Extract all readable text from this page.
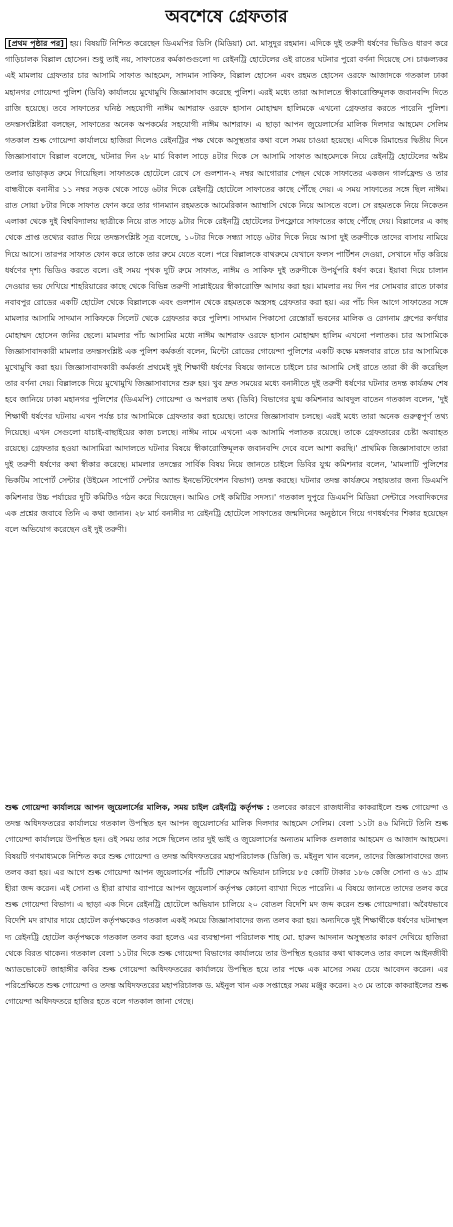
অবশেষে গ্রেফতার

[প্রথম পৃষ্ঠার পর] হয়। বিষয়টি নিশ্চিত করেছেন ডিএমপির ডিসি (মিডিয়া) মো. মাসুদুর রহমান। এদিকে দুই তরুণী ধর্ষণের ভিডিও ধারণ করে গাড়িচালক বিল্লাল হোসেন। শুধু তাই নয়, সাফাতের কর্মকাণ্ডগুলো দ্য রেইনট্রি হোটেলের ওই রাতের ঘটনার পুরো বর্ণনা দিয়েছে সে। চাঞ্চল্যকর এই মামলায় গ্রেফতার চার আসামি সাফাত আহমেদ, সাদমান সাকিফ, বিল্লাল হোসেন এবং রহমত হোসেন ওরফে আজাদকে গতকাল ঢাকা মহানগর গোয়েন্দা পুলিশ (ডিবি) কার্যালয়ে মুখোমুখি জিজ্ঞাসাবাদ করেছে পুলিশ। এরই মধ্যে তারা আদালতে স্বীকারোক্তিমূলক জবানবন্দি দিতে রাজি হয়েছে। তবে সাফাতের ঘনিষ্ঠ সহযোগী নাঈম আশরাফ ওরফে হাসান মোহাম্মদ হালিমকে এখনো গ্রেফতার করতে পারেনি পুলিশ। তদন্তসংশ্লিষ্টরা বলছেন, সাফাতের অনেক অপকর্মের সহযোগী নাঈম আশরাফ। এ ছাড়া আপন জুয়েলার্সের মালিক দিলদার আহমেদ সেলিম গতকাল শুল্ক গোয়েন্দা কার্যালয়ে হাজিরা দিলেও রেইনট্রির পক্ষ থেকে অসুস্থতার কথা বলে সময় চাওয়া হয়েছে। এদিকে রিমান্ডের দ্বিতীয় দিনে জিজ্ঞাসাবাদে বিল্লাল বলেছে, ঘটনার দিন ২৮ মার্চ বিকাল সাড়ে ৪টার দিকে সে আসামি সাফাত আহমেদকে নিয়ে রেইনট্রি হোটেলের অষ্টম তলার ভাড়াকৃত রুমে গিয়েছিল। সাফাতকে হোটেলে রেখে সে গুলশান-২ নম্বর আগোরার পেছন থেকে সাফাতের একজন গার্লফ্রেন্ড ও তার বান্ধবীকে বনানীর ১১ নম্বর সড়ক থেকে সাড়ে ৬টার দিকে রেইনট্রি হোটেলে সাফাতের কাছে পৌঁছে দেয়। এ সময় সাফাতের সঙ্গে ছিল নাঈম। রাত সোয়া ৮টার দিকে সাফাত ফোন করে তার গানম্যান রহমতকে আমেরিকান অ্যাম্বাসি থেকে নিয়ে আসতে বলে। সে রহমতকে নিয়ে নিকেতন এলাকা থেকে দুই বিশ্ববিদ্যালয় ছাত্রীকে নিয়ে রাত সাড়ে ৯টার দিকে রেইনট্রি হোটেলের টপফ্লোরে সাফাতের কাছে পৌঁছে দেয়। বিল্লালের এ কাছ থেকে প্রাপ্ত তথ্যের বরাত দিয়ে তদন্তসংশ্লিষ্ট সূত্র বলেছে, ১০টার দিকে সন্ধ্যা সাড়ে ৬টার দিকে নিয়ে আসা দুই তরুণীকে তাদের বাসায় নামিয়ে দিয়ে আসে। তারপর সাফাত ফোন করে তাকে তার রুমে যেতে বলে। পরে বিল্লালকে বাথরুমে যেখানে ফলস পার্টিশন দেওয়া, সেখানে দাঁড় করিয়ে ধর্ষণের দৃশ্য ভিডিও করতে বলে। ওই সময় পৃথক দুটি রুমে সাফাত, নাঈম ও সাকিফ দুই তরুণীকে উপর্যুপরি ধর্ষণ করে। ইয়াবা দিয়ে চালান দেওয়ার ভয় দেখিয়ে শাহরিয়ারের কাছে থেকে বিভিন্ন তরুণী সাপ্লাইয়ের স্বীকারোক্তি আদায় করা হয়। মামলার নয় দিন পর সোমবার রাতে ঢাকার নবাবপুর রোডের একটি হোটেল থেকে বিল্লালকে এবং গুলশান থেকে রহমতকে অস্ত্রসহ গ্রেফতার করা হয়। এর পাঁচ দিন আগে সাফাতের সঙ্গে মামলার আসামি সাদমান সাকিফকে সিলেট থেকে গ্রেফতার করে পুলিশ। সাদমান পিকাসো রেস্তোরাঁ ভবনের মালিক ও রেগনাম গ্রুপের কর্ণধার মোহাম্মদ হোসেন জনির ছেলে। মামলার পাঁচ আসামির মধ্যে নাঈম আশরাফ ওরফে হাসান মোহাম্মদ হালিম এখনো পলাতক। চার আসামিকে জিজ্ঞাসাবাদকারী মামলার তদন্তসংশ্লিষ্ট এক পুলিশ কর্মকর্তা বলেন, মিন্টো রোডের গোয়েন্দা পুলিশের একটি কক্ষে মঙ্গলবার রাতে চার আসামিকে মুখোমুখি করা হয়। জিজ্ঞাসাবাদকারী কর্মকর্তা প্রথমেই দুই শিক্ষার্থী ধর্ষণের বিষয়ে জানতে চাইলে চার আসামি সেই রাতে তারা কী কী করেছিল তার বর্ণনা দেয়। বিল্লালকে দিয়ে মুখোমুখি জিজ্ঞাসাবাদের শুরু হয়। খুব দ্রুত সময়ের মধ্যে বনানীতে দুই তরুণী ধর্ষণের ঘটনার তদন্ত কার্যক্রম শেষ হবে জানিয়ে ঢাকা মহানগর পুলিশের (ডিএমপি) গোয়েন্দা ও অপরাধ তথ্য (ডিবি) বিভাগের যুগ্ম কমিশনার আবদুল বাতেন গতকাল বলেন, 'দুই শিক্ষার্থী ধর্ষণের ঘটনায় এখন পর্যন্ত চার আসামিকে গ্রেফতার করা হয়েছে। তাদের জিজ্ঞাসাবাদ চলছে। এরই মধ্যে তারা অনেক গুরুত্বপূর্ণ তথ্য দিয়েছে। এখন সেগুলো যাচাই-বাছাইয়ের কাজ চলছে। নাঈম নামে এখনো এক আসামি পলাতক রয়েছে। তাকে গ্রেফতারের চেষ্টা অব্যাহত রয়েছে। গ্রেফতার হওয়া আসামিরা আদালতে ঘটনার বিষয়ে স্বীকারোক্তিমূলক জবানবন্দি দেবে বলে আশা করছি।' প্রাথমিক জিজ্ঞাসাবাদে তারা দুই তরুণী ধর্ষণের কথা স্বীকার করেছে। মামলার তদন্তের সার্বিক বিষয় নিয়ে জানতে চাইলে ডিবির যুগ্ম কমিশনার বলেন, 'মামলাটি পুলিশের ভিকটিম সাপোর্ট সেন্টার (উইমেন সাপোর্ট সেন্টার অ্যান্ড ইনভেস্টিগেশন বিভাগ) তদন্ত করছে। ঘটনার তদন্ত কার্যক্রমে সহায়তার জন্য ডিএমপি কমিশনার উচ্চ পর্যায়ের দুটি কমিটিও গঠন করে দিয়েছেন। আমিও সেই কমিটির সদস্য।' গতকাল দুপুরে ডিএমপি মিডিয়া সেন্টারে সংবাদিকদের এক প্রশ্নের জবাবে তিনি এ কথা জানান। ২৮ মার্চ বনানীর দ্য রেইনট্রি হোটেলে সাফাতের জন্মদিনের অনুষ্ঠানে গিয়ে গণধর্ষণের শিকার হয়েছেন বলে অভিযোগ করেছেন ওই দুই তরুণী।

শুল্ক গোয়েন্দা কার্যালয়ে আপন জুয়েলার্সের মালিক, সময় চাইল রেইনট্রি কর্তৃপক্ষ : তলবের কারণে রাজধানীর কাকরাইলে শুল্ক গোয়েন্দা ও তদন্ত অধিদফতরের কার্যালয়ে গতকাল উপস্থিত হন আপন জুয়েলার্সের মালিক দিলদার আহমেদ সেলিম। বেলা ১১টা ৪৬ মিনিটে তিনি শুল্ক গোয়েন্দা কার্যালয়ে উপস্থিত হন। ওই সময় তার সঙ্গে ছিলেন তার দুই ভাই ও জুয়েলার্সের অন্যতম মালিক গুলজার আহমেদ ও আজাদ আহমেদ। বিষয়টি গণমাধ্যমকে নিশ্চিত করে শুল্ক গোয়েন্দা ও তদন্ত অধিদফতরের মহাপরিচালক (ডিজি) ড. মইনুল খান বলেন, তাদের জিজ্ঞাসাবাদের জন্য তলব করা হয়। এর আগে শুল্ক গোয়েন্দা আপন জুয়েলার্সের পাঁচটি শোরুমে অভিযান চালিয়ে ৮৫ কোটি টাকার ১৮৬ কেজি সোনা ও ৬১ গ্রাম হীরা জব্দ করেন। এই সোনা ও হীরা রাখার ব্যাপারে আপন জুয়েলার্স কর্তৃপক্ষ কোনো ব্যাখ্যা দিতে পারেনি। এ বিষয়ে জানতে তাদের তলব করে শুল্ক গোয়েন্দা বিভাগ। এ ছাড়া এক দিনে রেইনট্রি হোটেলে অভিযান চালিয়ে ২০ বোতল বিদেশি মদ জব্দ করেন শুল্ক গোয়েন্দারা। অবৈধভাবে বিদেশি মদ রাখার দায়ে হোটেল কর্তৃপক্ষকেও গতকাল একই সময়ে জিজ্ঞাসাবাদের জন্য তলব করা হয়। অন্যদিকে দুই শিক্ষার্থীকে ধর্ষণের ঘটনাস্থল দ্য রেইনট্রি হোটেল কর্তৃপক্ষকে গতকাল তলব করা হলেও এর ব্যবস্থাপনা পরিচালক শাহ মো. হারুন আদনান অসুস্থতার কারণ দেখিয়ে হাজিরা থেকে বিরত থাকেন। গতকাল বেলা ১১টার দিকে শুল্ক গোয়েন্দা বিভাগের কার্যালয়ে তার উপস্থিত হওয়ার কথা থাকলেও তার বদলে আইনজীবী অ্যাডভোকেট জাহাঙ্গীর কবির শুল্ক গোয়েন্দা অধিদফতরের কার্যালয়ে উপস্থিত হয়ে তার পক্ষে এক মাসের সময় চেয়ে আবেদন করেন। এর পরিপ্রেক্ষিতে শুল্ক গোয়েন্দা ও তদন্ত অধিদফতরের মহাপরিচালক ড. মইনুল খান এক সপ্তাহের সময় মঞ্জুর করেন। ২৩ মে তাকে কাকরাইলের শুল্ক গোয়েন্দা অধিদফতরে হাজির হতে বলে গতকাল জানা গেছে।
